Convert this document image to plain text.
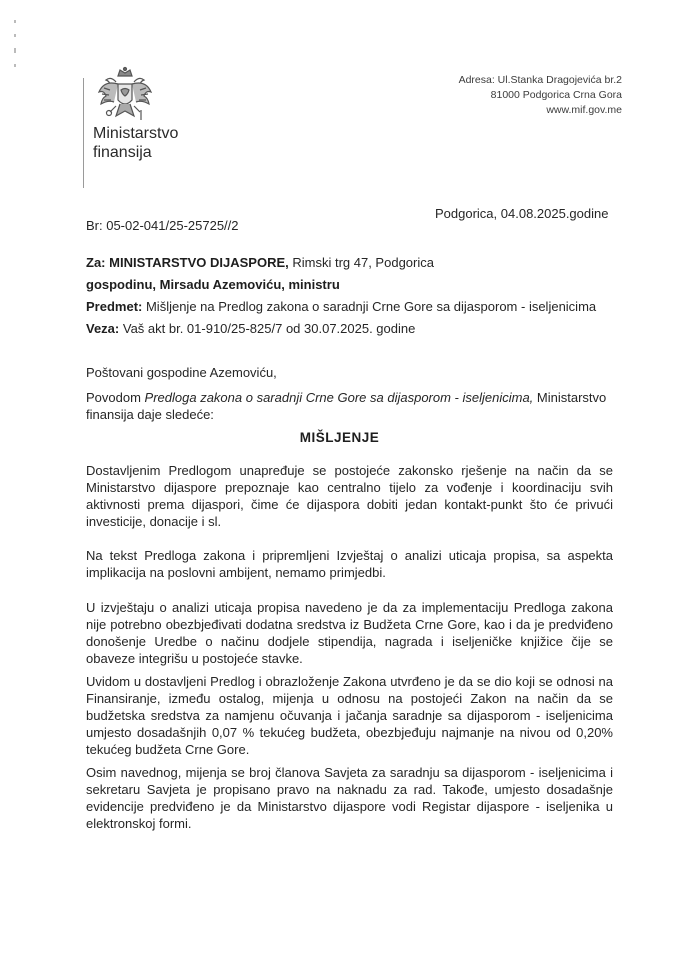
Ministarstvo
finansija
Adresa: Ul.Stanka Dragojevića br.2
81000 Podgorica Crna Gora
www.mif.gov.me
Br: 05-02-041/25-25725//2
Podgorica, 04.08.2025.godine
Za: MINISTARSTVO DIJASPORE, Rimski trg 47, Podgorica
gospodinu, Mirsadu Azemoviću, ministru
Predmet: Mišljenje na Predlog zakona o saradnji Crne Gore sa dijasporom - iseljenicima
Veza: Vaš akt br. 01-910/25-825/7 od 30.07.2025. godine
Poštovani gospodine Azemoviću,
Povodom Predloga zakona o saradnji Crne Gore sa dijasporom - iseljenicima, Ministarstvo finansija daje sledeće:
MIŠLJENJE
Dostavljenim Predlogom unapređuje se postojeće zakonsko rješenje na način da se Ministarstvo dijaspore prepoznaje kao centralno tijelo za vođenje i koordinaciju svih aktivnosti prema dijaspori, čime će dijaspora dobiti jedan kontakt-punkt što će privući investicije, donacije i sl.
Na tekst Predloga zakona i pripremljeni Izvještaj o analizi uticaja propisa, sa aspekta implikacija na poslovni ambijent, nemamo primjedbi.
U izvještaju o analizi uticaja propisa navedeno je da za implementaciju Predloga zakona nije potrebno obezbjeđivati dodatna sredstva iz Budžeta Crne Gore, kao i da je predviđeno donošenje Uredbe o načinu dodjele stipendija, nagrada i iseljeničke knjižice čije se obaveze integrišu u postojeće stavke.
Uvidom u dostavljeni Predlog i obrazloženje Zakona utvrđeno je da se dio koji se odnosi na Finansiranje, između ostalog, mijenja u odnosu na postojeći Zakon na način da se budžetska sredstva za namjenu očuvanja i jačanja saradnje sa dijasporom - iseljenicima umjesto dosadašnjih 0,07 % tekućeg budžeta, obezbjeđuju najmanje na nivou od 0,20% tekućeg budžeta Crne Gore.
Osim navednog, mijenja se broj članova Savjeta za saradnju sa dijasporom - iseljenicima i sekretaru Savjeta je propisano pravo na naknadu za rad. Takođe, umjesto dosadašnje evidencije predviđeno je da Ministarstvo dijaspore vodi Registar dijaspore - iseljenika u elektronskoj formi.
